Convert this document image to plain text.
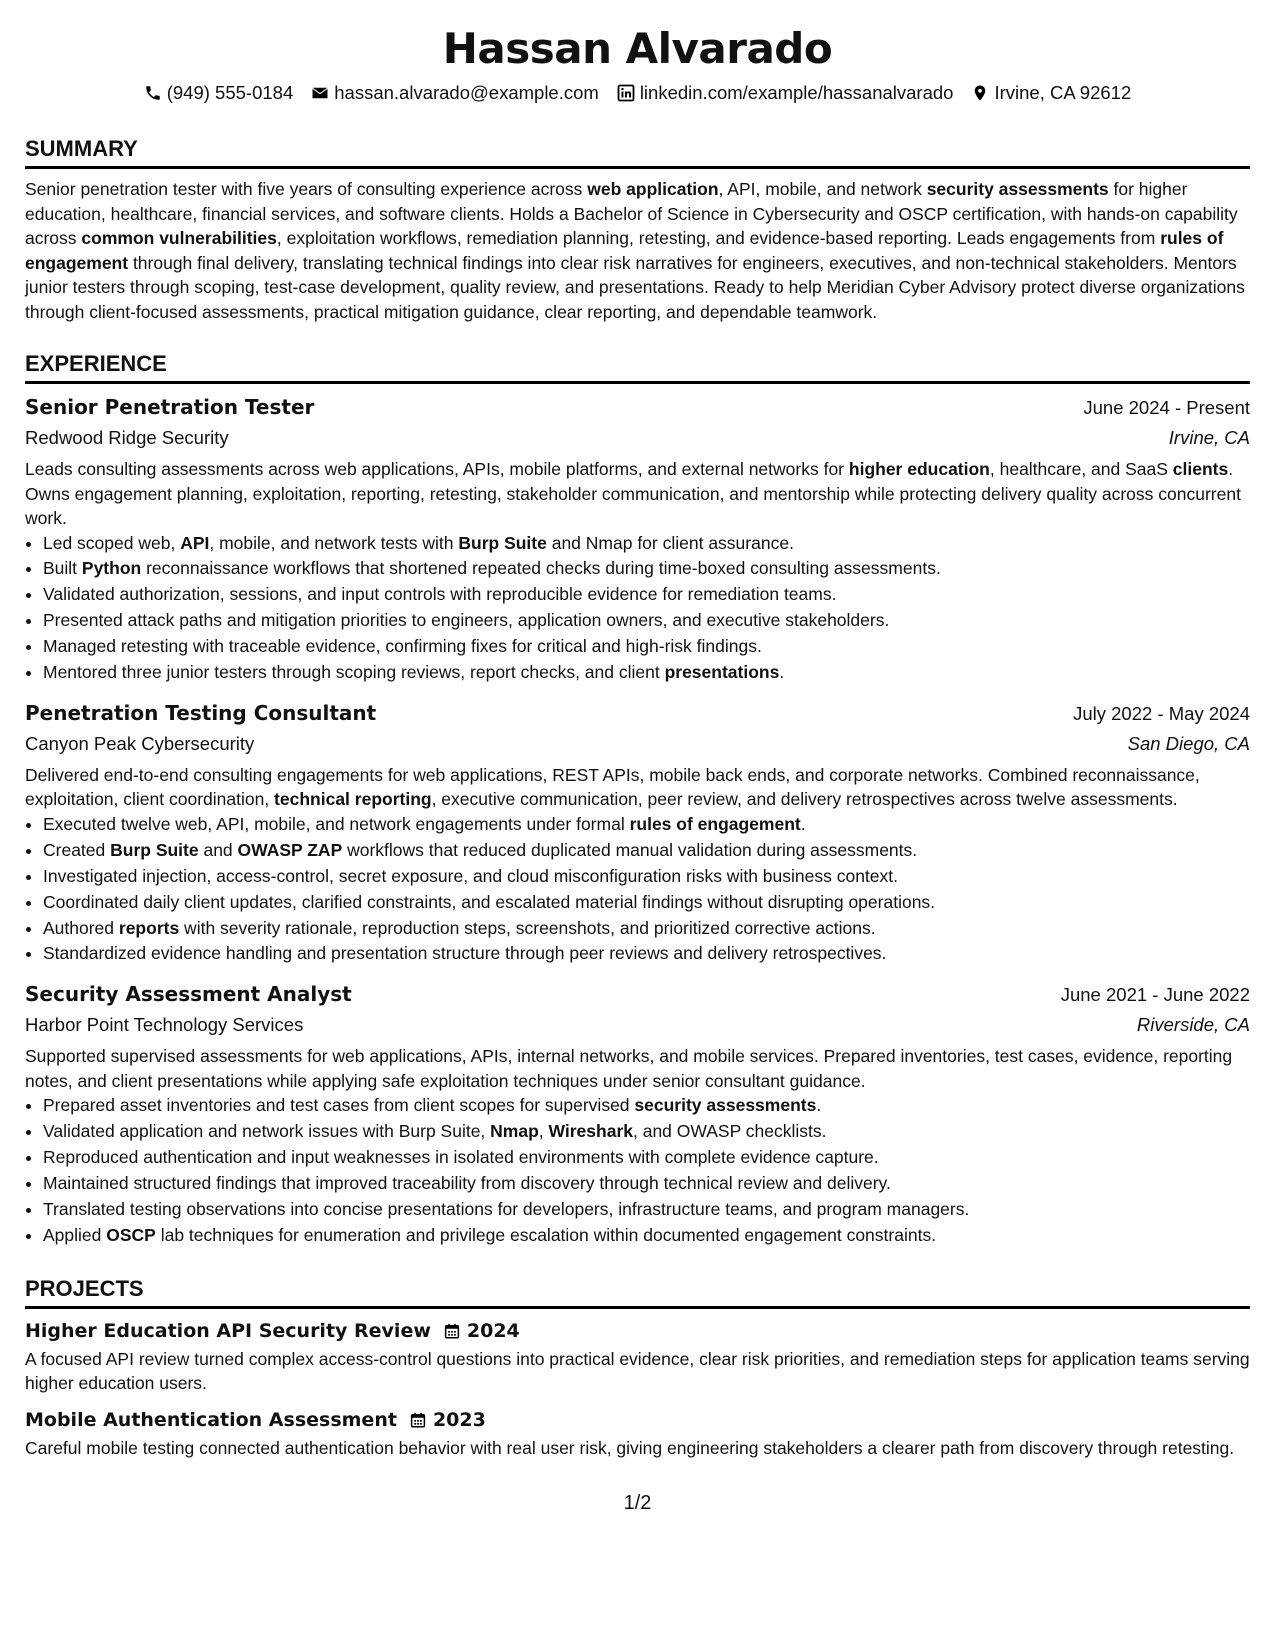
Hassan Alvarado
(949) 555-0184 hassan.alvarado@example.com linkedin.com/example/hassanalvarado Irvine, CA 92612
SUMMARY

Senior penetration tester with five years of consulting experience across web application, API, mobile, and network security assessments for higher education, healthcare, financial services, and software clients. Holds a Bachelor of Science in Cybersecurity and OSCP certification, with hands-on capability across common vulnerabilities, exploitation workflows, remediation planning, retesting, and evidence-based reporting. Leads engagements from rules of engagement through final delivery, translating technical findings into clear risk narratives for engineers, executives, and non-technical stakeholders. Mentors junior testers through scoping, test-case development, quality review, and presentations. Ready to help Meridian Cyber Advisory protect diverse organizations through client-focused assessments, practical mitigation guidance, clear reporting, and dependable teamwork.

EXPERIENCE
Senior Penetration Tester	June 2024 - Present
Redwood Ridge Security	Irvine, CA
Leads consulting assessments across web applications, APIs, mobile platforms, and external networks for higher education, healthcare, and SaaS clients. Owns engagement planning, exploitation, reporting, retesting, stakeholder communication, and mentorship while protecting delivery quality across concurrent work.
• Led scoped web, API, mobile, and network tests with Burp Suite and Nmap for client assurance.
• Built Python reconnaissance workflows that shortened repeated checks during time-boxed consulting assessments.
• Validated authorization, sessions, and input controls with reproducible evidence for remediation teams.
• Presented attack paths and mitigation priorities to engineers, application owners, and executive stakeholders.
• Managed retesting with traceable evidence, confirming fixes for critical and high-risk findings.
• Mentored three junior testers through scoping reviews, report checks, and client presentations.
Penetration Testing Consultant	July 2022 - May 2024
Canyon Peak Cybersecurity	San Diego, CA
Delivered end-to-end consulting engagements for web applications, REST APIs, mobile back ends, and corporate networks. Combined reconnaissance, exploitation, client coordination, technical reporting, executive communication, peer review, and delivery retrospectives across twelve assessments.
• Executed twelve web, API, mobile, and network engagements under formal rules of engagement.
• Created Burp Suite and OWASP ZAP workflows that reduced duplicated manual validation during assessments.
• Investigated injection, access-control, secret exposure, and cloud misconfiguration risks with business context.
• Coordinated daily client updates, clarified constraints, and escalated material findings without disrupting operations.
• Authored reports with severity rationale, reproduction steps, screenshots, and prioritized corrective actions.
• Standardized evidence handling and presentation structure through peer reviews and delivery retrospectives.
Security Assessment Analyst	June 2021 - June 2022
Harbor Point Technology Services	Riverside, CA
Supported supervised assessments for web applications, APIs, internal networks, and mobile services. Prepared inventories, test cases, evidence, reporting notes, and client presentations while applying safe exploitation techniques under senior consultant guidance.
• Prepared asset inventories and test cases from client scopes for supervised security assessments.
• Validated application and network issues with Burp Suite, Nmap, Wireshark, and OWASP checklists.
• Reproduced authentication and input weaknesses in isolated environments with complete evidence capture.
• Maintained structured findings that improved traceability from discovery through technical review and delivery.
• Translated testing observations into concise presentations for developers, infrastructure teams, and program managers.
• Applied OSCP lab techniques for enumeration and privilege escalation within documented engagement constraints.
PROJECTS
Higher Education API Security Review 2024
A focused API review turned complex access-control questions into practical evidence, clear risk priorities, and remediation steps for application teams serving higher education users.
Mobile Authentication Assessment 2023
Careful mobile testing connected authentication behavior with real user risk, giving engineering stakeholders a clearer path from discovery through retesting.
1/2
